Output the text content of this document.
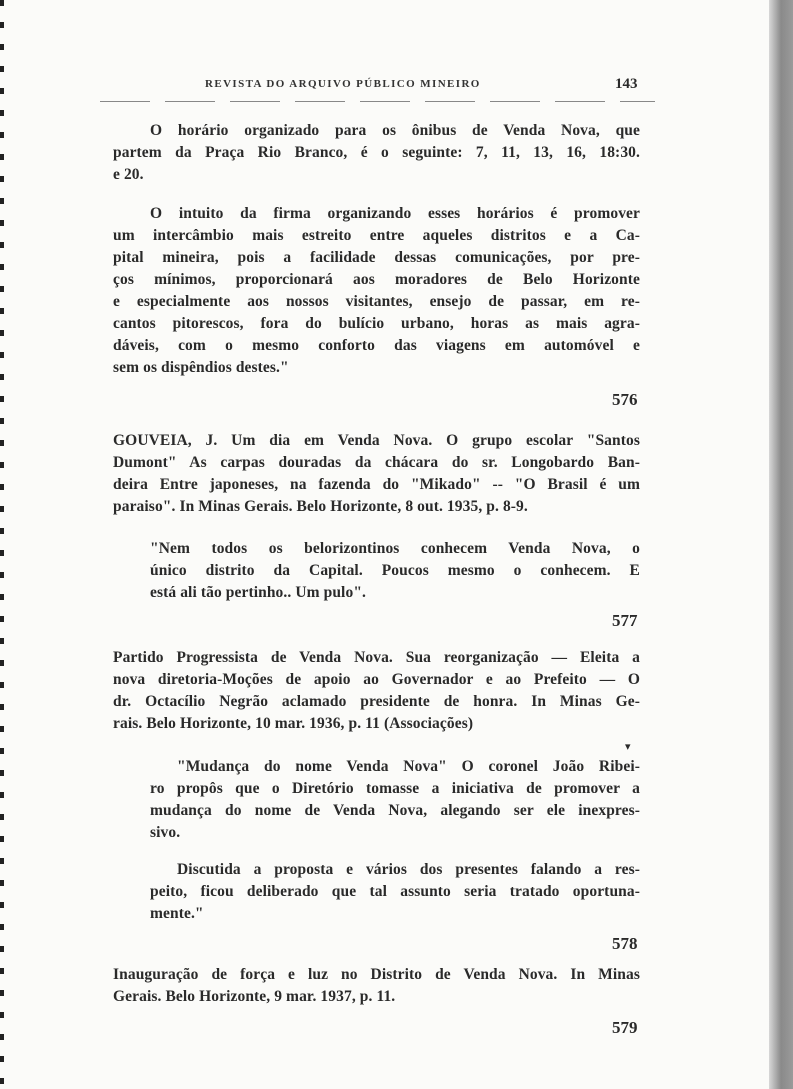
REVISTA DO ARQUIVO PÚBLICO MINEIRO	143
▾
O horário organizado para os ônibus de Venda Nova, que
partem da Praça Rio Branco, é o seguinte: 7, 11, 13, 16, 18:30.
e 20.
O intuito da firma organizando esses horários é promover
um intercâmbio mais estreito entre aqueles distritos e a Ca-
pital mineira, pois a facilidade dessas comunicações, por pre-
ços mínimos, proporcionará aos moradores de Belo Horizonte
e especialmente aos nossos visitantes, ensejo de passar, em re-
cantos pitorescos, fora do bulício urbano, horas as mais agra-
dáveis, com o mesmo conforto das viagens em automóvel e
sem os dispêndios destes."
GOUVEIA, J. Um dia em Venda Nova. O grupo escolar "Santos
Dumont" As carpas douradas da chácara do sr. Longobardo Ban-
deira Entre japoneses, na fazenda do "Mikado" -- "O Brasil é um
paraiso". In Minas Gerais. Belo Horizonte, 8 out. 1935, p. 8-9.
"Nem todos os belorizontinos conhecem Venda Nova, o
único distrito da Capital. Poucos mesmo o conhecem. E
está ali tão pertinho.. Um pulo".
Partido Progressista de Venda Nova. Sua reorganização — Eleita a
nova diretoria-Moções de apoio ao Governador e ao Prefeito — O
dr. Octacílio Negrão aclamado presidente de honra. In Minas Ge-
rais. Belo Horizonte, 10 mar. 1936, p. 11 (Associações)
"Mudança do nome Venda Nova" O coronel João Ribei-
ro propôs que o Diretório tomasse a iniciativa de promover a
mudança do nome de Venda Nova, alegando ser ele inexpres-
sivo.
Discutida a proposta e vários dos presentes falando a res-
peito, ficou deliberado que tal assunto seria tratado oportuna-
mente."
Inauguração de força e luz no Distrito de Venda Nova. In Minas
Gerais. Belo Horizonte, 9 mar. 1937, p. 11.
576
577
578
579
